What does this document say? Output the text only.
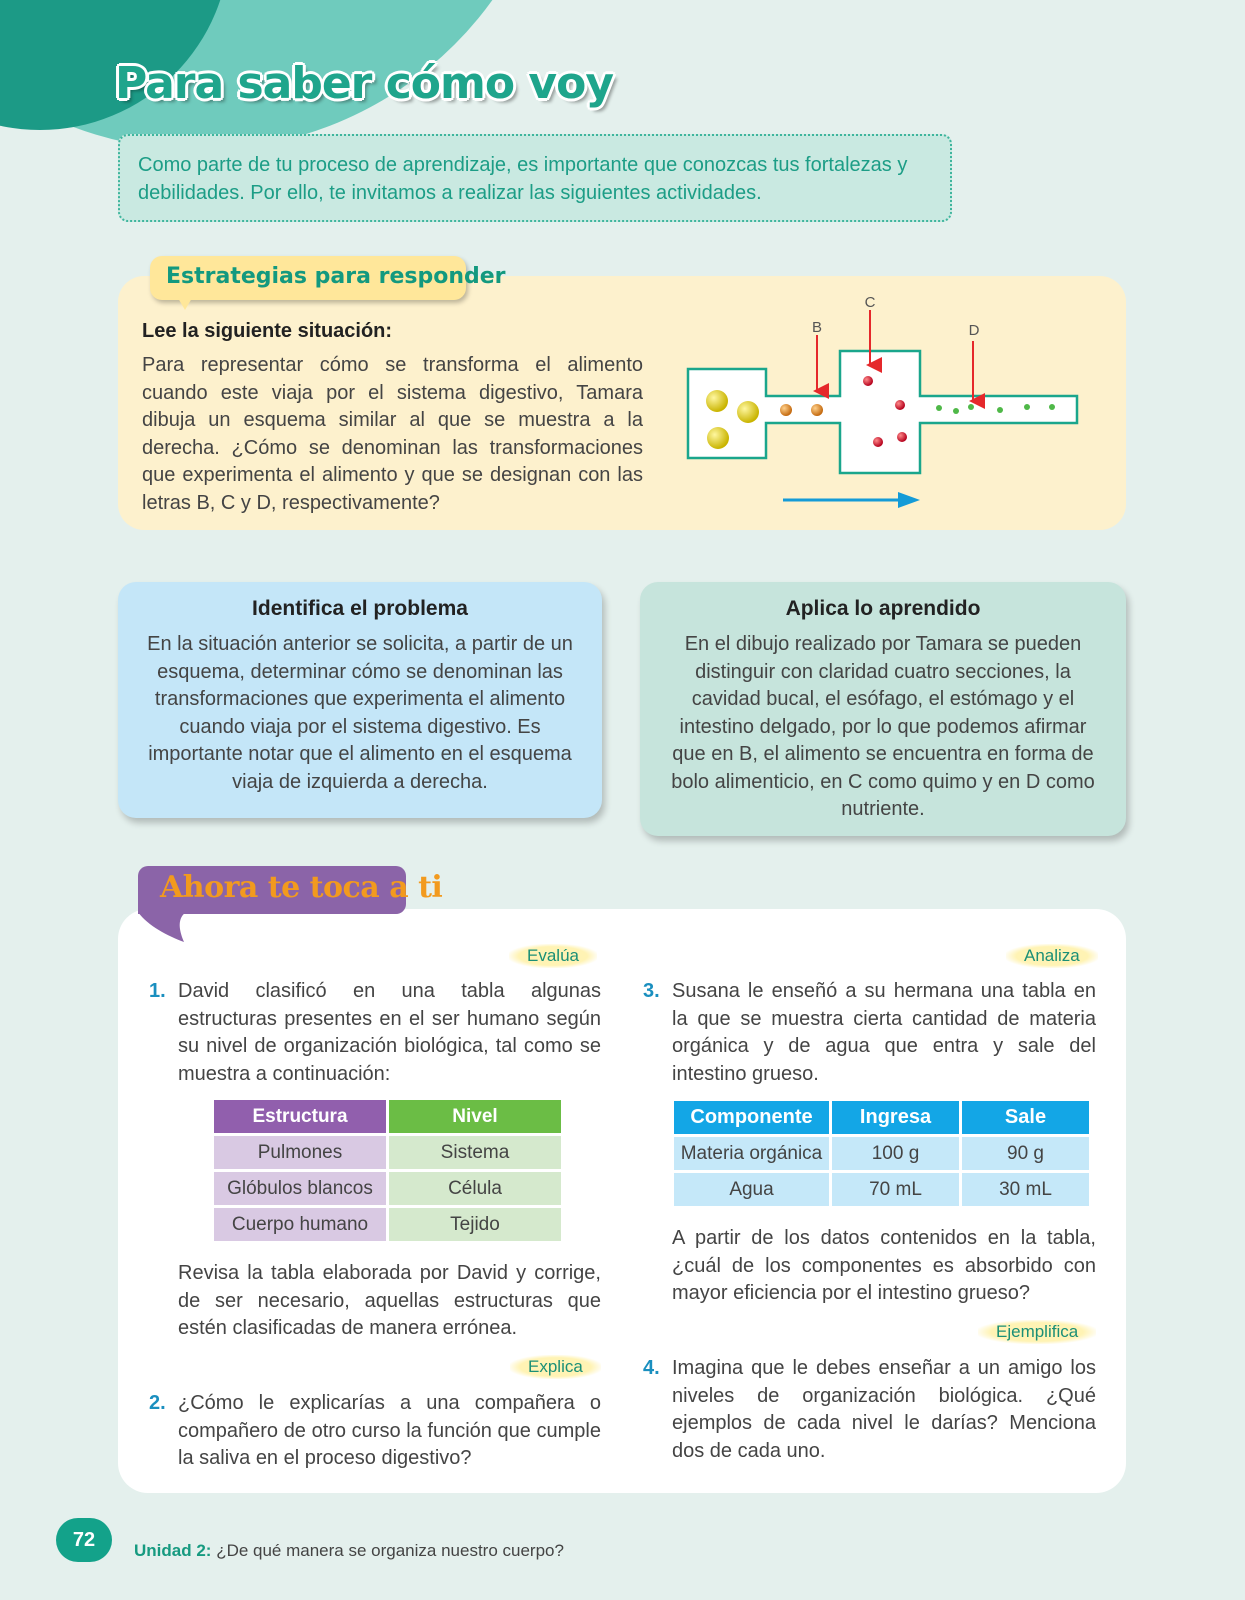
Para saber cómo voy
Como parte de tu proceso de aprendizaje, es importante que conozcas tus fortalezas y debilidades. Por ello, te invitamos a realizar las siguientes actividades.
Estrategias para responder
Lee la siguiente situación:
Para representar cómo se transforma el alimento cuando este viaja por el sistema digestivo, Tamara dibuja un esquema similar al que se muestra a la derecha. ¿Cómo se denominan las transformaciones que experimenta el alimento y que se designan con las letras B, C y D, respectivamente?
B
C
D
Identifica el problema

En la situación anterior se solicita, a partir de un esquema, determinar cómo se denominan las transformaciones que experimenta el alimento cuando viaja por el sistema digestivo. Es importante notar que el alimento en el esquema viaja de izquierda a derecha.

Aplica lo aprendido

En el dibujo realizado por Tamara se pueden distinguir con claridad cuatro secciones, la cavidad bucal, el esófago, el estómago y el intestino delgado, por lo que podemos afirmar que en B, el alimento se encuentra en forma de bolo alimenticio, en C como quimo y en D como nutriente.

Ahora te toca a ti
Evalúa
1. David clasificó en una tabla algunas estructuras presentes en el ser humano según su nivel de organización biológica, tal como se muestra a continuación:
Estructura	Nivel
Pulmones	Sistema
Glóbulos blancos	Célula
Cuerpo humano	Tejido
Revisa la tabla elaborada por David y corrige, de ser necesario, aquellas estructuras que estén clasificadas de manera errónea.
Explica
2. ¿Cómo le explicarías a una compañera o compañero de otro curso la función que cumple la saliva en el proceso digestivo?
Analiza
3. Susana le enseñó a su hermana una tabla en la que se muestra cierta cantidad de materia orgánica y de agua que entra y sale del intestino grueso.
Componente	Ingresa	Sale
Materia orgánica	100 g	90 g
Agua	70 mL	30 mL
A partir de los datos contenidos en la tabla, ¿cuál de los componentes es absorbido con mayor eficiencia por el intestino grueso?
Ejemplifica
4. Imagina que le debes enseñar a un amigo los niveles de organización biológica. ¿Qué ejemplos de cada nivel le darías? Menciona dos de cada uno.
72	Unidad 2: ¿De qué manera se organiza nuestro cuerpo?
